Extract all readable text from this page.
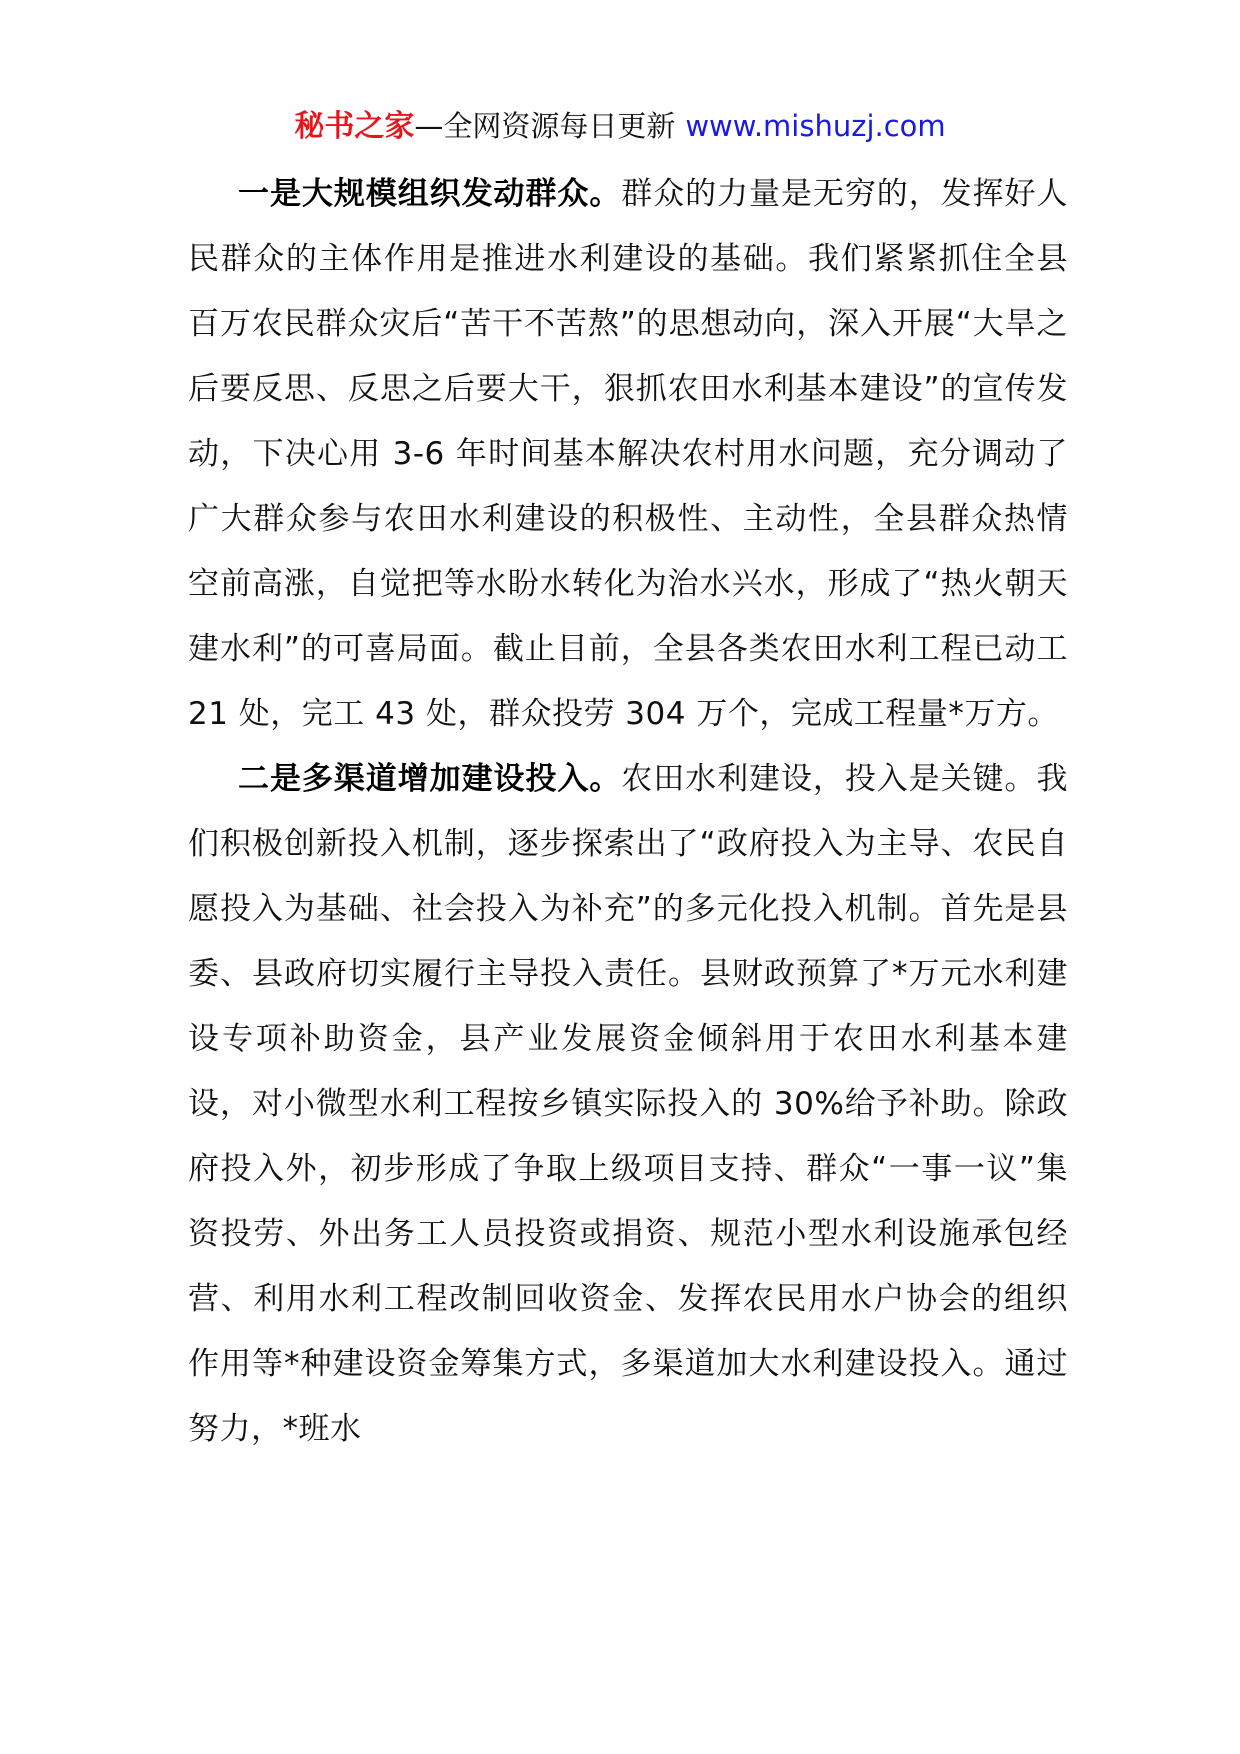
秘书之家—全网资源每日更新 www.mishuzj.com

一是大规模组织发动群众。群众的力量是无穷的，发挥好人民群众的主体作用是推进水利建设的基础。我们紧紧抓住全县百万农民群众灾后“苦干不苦熬”的思想动向，深入开展“大旱之后要反思、反思之后要大干，狠抓农田水利基本建设”的宣传发动，下决心用 3-6 年时间基本解决农村用水问题，充分调动了广大群众参与农田水利建设的积极性、主动性，全县群众热情空前高涨，自觉把等水盼水转化为治水兴水，形成了“热火朝天建水利”的可喜局面。截止目前，全县各类农田水利工程已动工 21 处，完工 43 处，群众投劳 304 万个，完成工程量*万方。

二是多渠道增加建设投入。农田水利建设，投入是关键。我们积极创新投入机制，逐步探索出了“政府投入为主导、农民自愿投入为基础、社会投入为补充”的多元化投入机制。首先是县委、县政府切实履行主导投入责任。县财政预算了*万元水利建设专项补助资金，县产业发展资金倾斜用于农田水利基本建设，对小微型水利工程按乡镇实际投入的 30%给予补助。除政府投入外，初步形成了争取上级项目支持、群众“一事一议”集资投劳、外出务工人员投资或捐资、规范小型水利设施承包经营、利用水利工程改制回收资金、发挥农民用水户协会的组织作用等*种建设资金筹集方式，多渠道加大水利建设投入。通过努力，*班水
